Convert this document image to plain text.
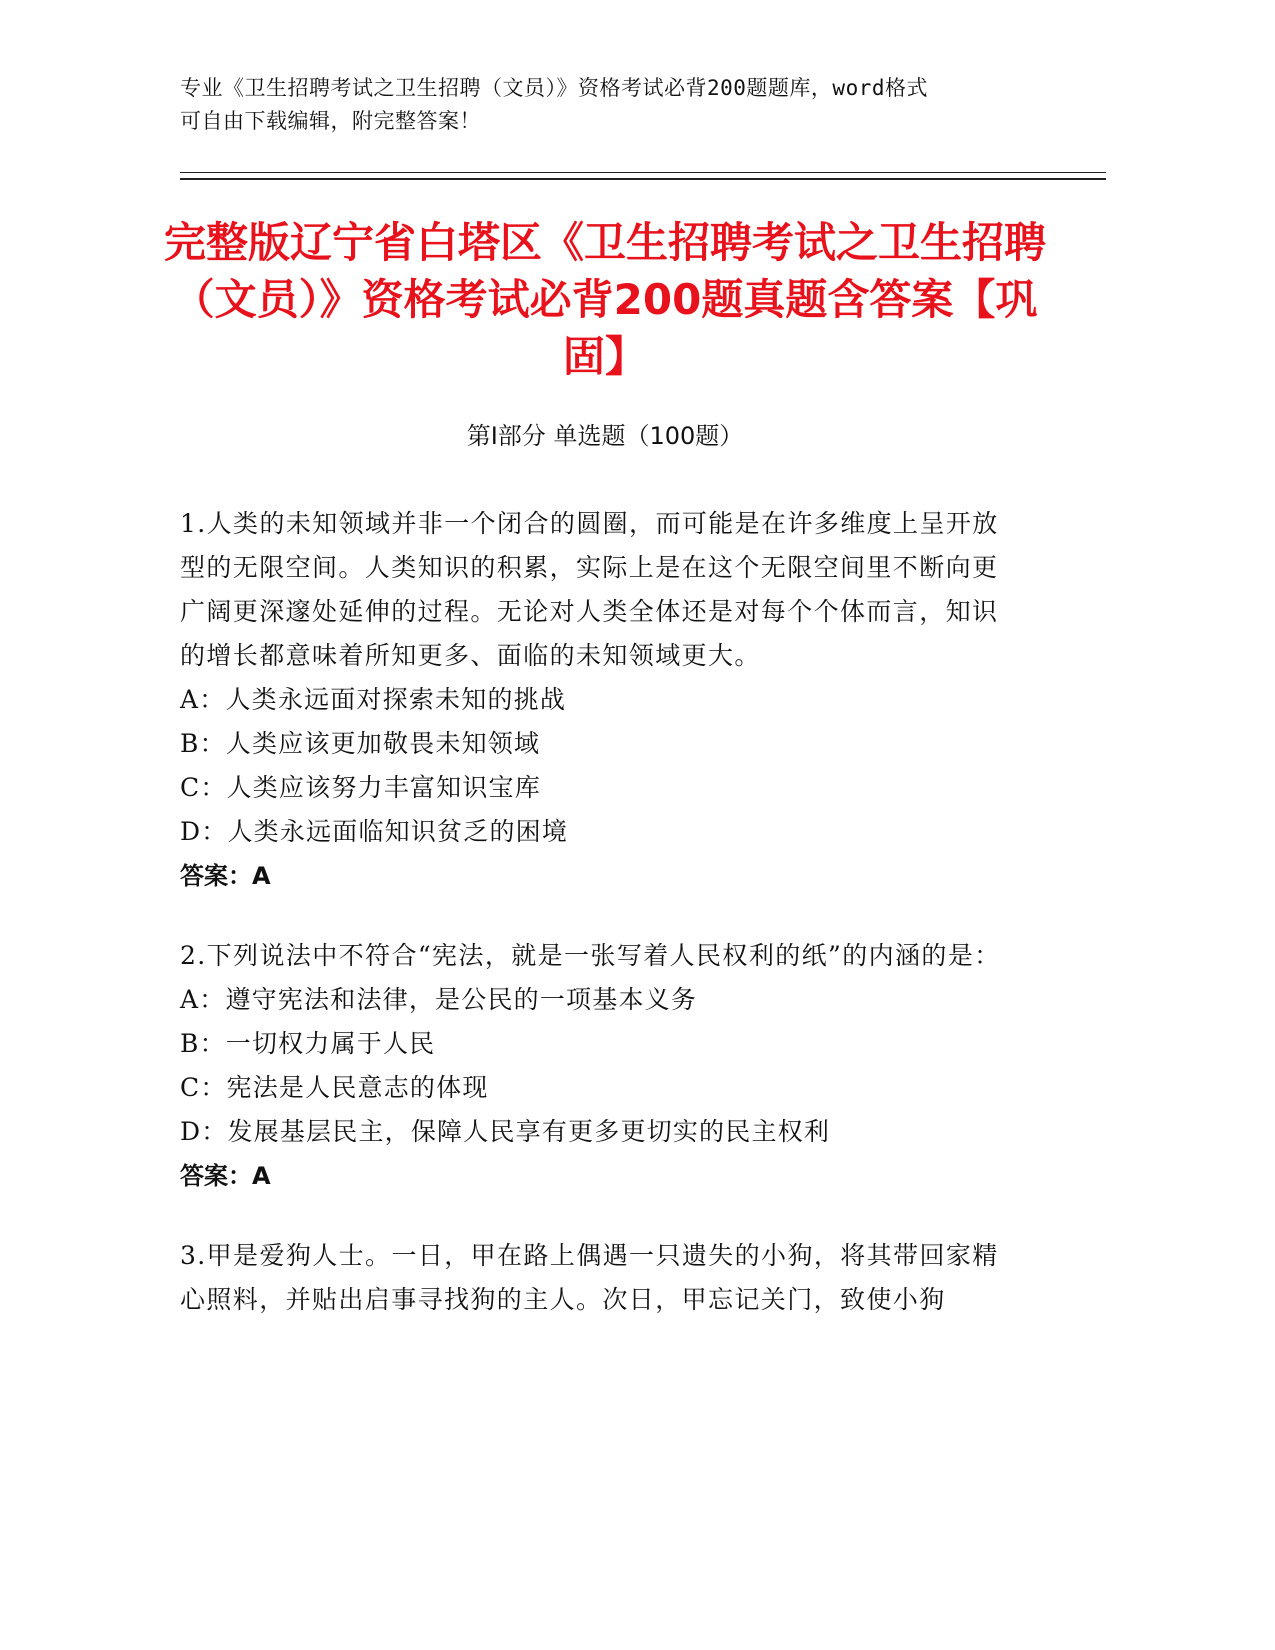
专业《卫生招聘考试之卫生招聘（文员）》资格考试必背200题题库，word格式

可自由下载编辑，附完整答案！

完整版辽宁省白塔区《卫生招聘考试之卫生招聘（文员）》资格考试必背200题真题含答案【巩固】
第Ⅰ部分 单选题（100题）

1.人类的未知领域并非一个闭合的圆圈，而可能是在许多维度上呈开放型的无限空间。人类知识的积累，实际上是在这个无限空间里不断向更广阔更深邃处延伸的过程。无论对人类全体还是对每个个体而言，知识的增长都意味着所知更多、面临的未知领域更大。

A：人类永远面对探索未知的挑战

B：人类应该更加敬畏未知领域

C：人类应该努力丰富知识宝库

D：人类永远面临知识贫乏的困境

答案：A

2.下列说法中不符合“宪法，就是一张写着人民权利的纸”的内涵的是：

A：遵守宪法和法律，是公民的一项基本义务

B：一切权力属于人民

C：宪法是人民意志的体现

D：发展基层民主，保障人民享有更多更切实的民主权利

答案：A

3.甲是爱狗人士。一日，甲在路上偶遇一只遗失的小狗，将其带回家精心照料，并贴出启事寻找狗的主人。次日，甲忘记关门，致使小狗
